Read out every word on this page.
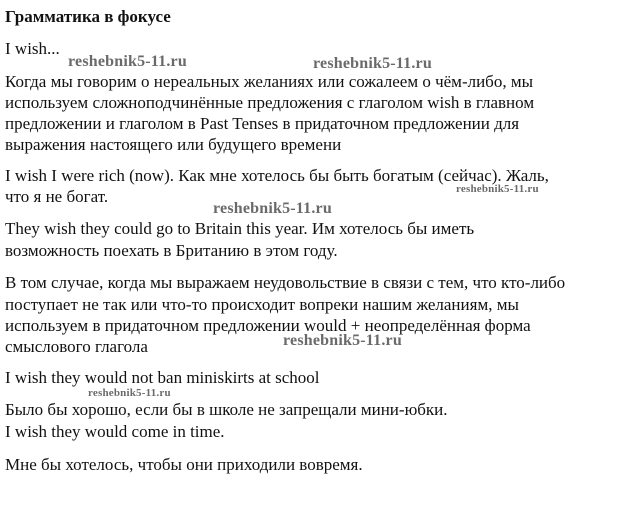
Грамматика в фокусе
I wish...
Когда мы говорим о нереальных желаниях или сожалеем о чём-либо, мы
используем сложноподчинённые предложения с глаголом wish в главном
предложении и глаголом в Past Tenses в придаточном предложении для
выражения настоящего или будущего времени
I wish I were rich (now). Как мне хотелось бы быть богатым (сейчас). Жаль,
что я не богат.
They wish they could go to Britain this year. Им хотелось бы иметь
возможность поехать в Британию в этом году.
В том случае, когда мы выражаем неудовольствие в связи с тем, что кто-либо
поступает не так или что-то происходит вопреки нашим желаниям, мы
используем в придаточном предложении would + неопределённая форма
смыслового глагола
I wish they would not ban miniskirts at school
Было бы хорошо, если бы в школе не запрещали мини-юбки.
I wish they would come in time.
Мне бы хотелось, чтобы они приходили вовремя.
reshebnik5-11.ru	reshebnik5-11.ru
reshebnik5-11.ru
reshebnik5-11.ru
reshebnik5-11.ru
reshebnik5-11.ru
